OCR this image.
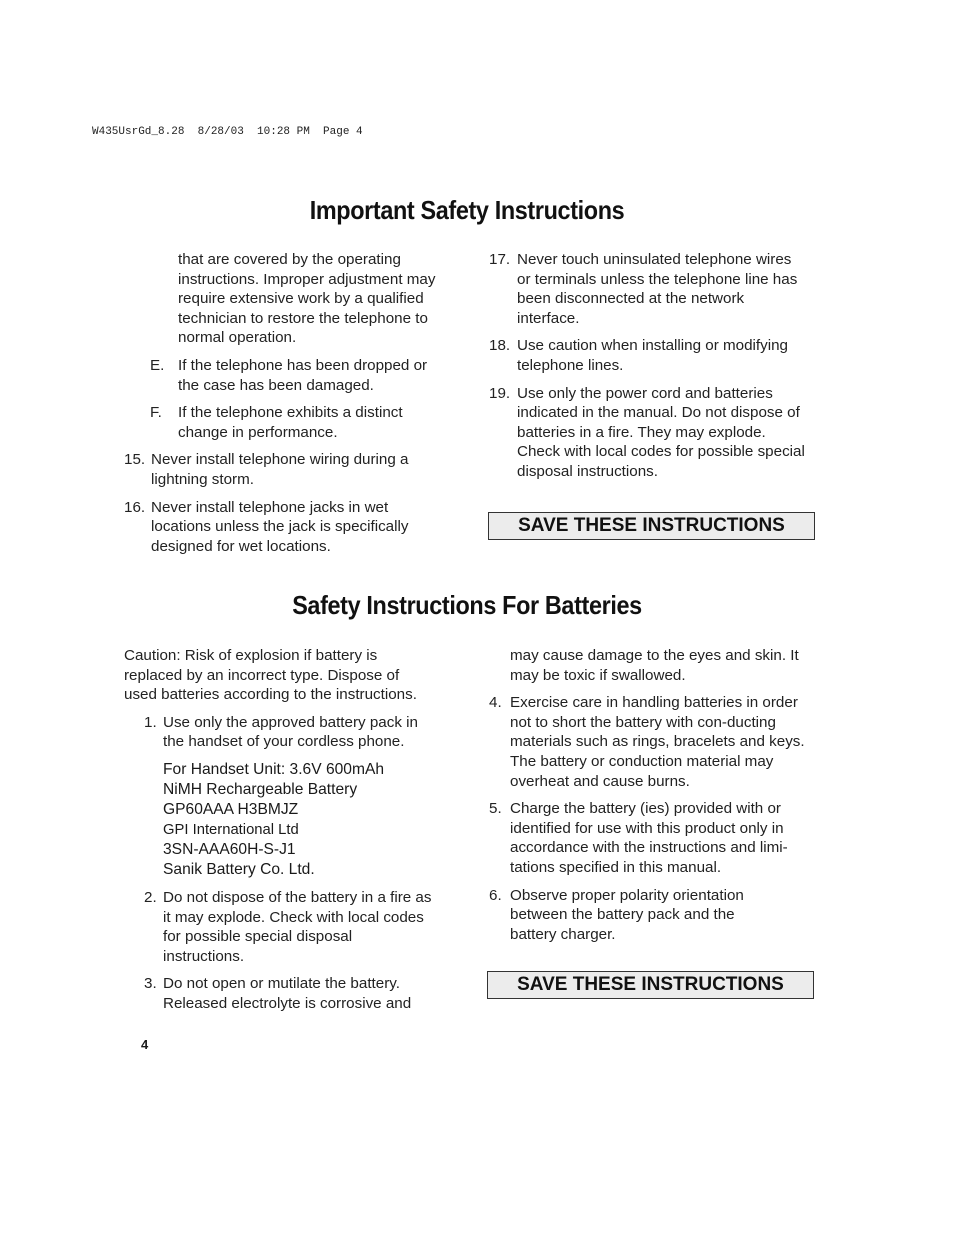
W435UsrGd_8.28  8/28/03  10:28 PM  Page 4
Important Safety Instructions
that are covered by the operating instructions. Improper adjustment may require extensive work by a qualified technician to restore the telephone to normal operation.
E. If the telephone has been dropped or the case has been damaged.
F. If the telephone exhibits a distinct change in performance.
15. Never install telephone wiring during a lightning storm.
16. Never install telephone jacks in wet locations unless the jack is specifically designed for wet locations.
17. Never touch uninsulated telephone wires or terminals unless the telephone line has been disconnected at the network interface.
18. Use caution when installing or modifying telephone lines.
19. Use only the power cord and batteries indicated in the manual. Do not dispose of batteries in a fire. They may explode. Check with local codes for possible special disposal instructions.
SAVE THESE INSTRUCTIONS
Safety Instructions For Batteries
Caution: Risk of explosion if battery is replaced by an incorrect type. Dispose of used batteries according to the instructions.
1. Use only the approved battery pack in the handset of your cordless phone.
For Handset Unit: 3.6V 600mAh
NiMH Rechargeable Battery
GP60AAA H3BMJZ
GPI International Ltd
3SN-AAA60H-S-J1
Sanik Battery Co. Ltd.
2. Do not dispose of the battery in a fire as it may explode. Check with local codes for possible special disposal instructions.
3. Do not open or mutilate the battery. Released electrolyte is corrosive and
may cause damage to the eyes and skin. It may be toxic if swallowed.
4. Exercise care in handling batteries in order not to short the battery with con-ducting materials such as rings, bracelets and keys. The battery or conduction material may overheat and cause burns.
5. Charge the battery (ies) provided with or identified for use with this product only in accordance with the instructions and limi-tations specified in this manual.
6. Observe proper polarity orientation between the battery pack and the battery charger.
SAVE THESE INSTRUCTIONS
4
